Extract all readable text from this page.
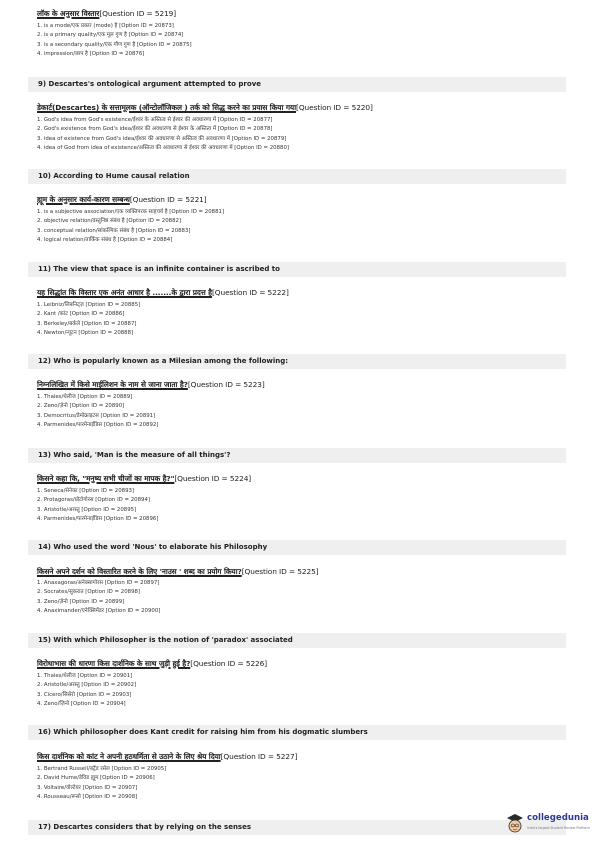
लॉक के अनुसार विस्तार[Question ID = 5219]
1. is a mode/एक प्रकार (mode) है [Option ID = 20873]
2. is a primary quality/एक मूल गुण है [Option ID = 20874]
3. is a secondary quality/एक गौण गुण है [Option ID = 20875]
4. impression/छाप है [Option ID = 20876]
9) Descartes's ontological argument attempted to prove
डेकार्ट(Descartes) के सत्तामूलक (ऑन्टोलॉजिकल ) तर्क को सिद्ध करने का प्रयास किया गया[Question ID = 5220]
1. God's idea from God's existence/ईश्वर के अस्तित्व से ईश्वर की अवधारणा में [Option ID = 20877]
2. God's existence from God's idea/ईश्वर की अवधारणा से ईश्वर के अस्तित्व में [Option ID = 20878]
3. idea of existence from God's idea/ईश्वर की अवधारणा से अस्तित्व की अवधारणा में [Option ID = 20879]
4. idea of God from idea of existence/अस्तित्व की अवधारणा से ईश्वर की अवधारणा में [Option ID = 20880]
10) According to Hume causal relation
ह्यूम के अनुसार कार्य-कारण सम्बन्ध[Question ID = 5221]
1. is a subjective association/एक व्यक्तिपरक साहचर्य है [Option ID = 20881]
2. objective relation/वस्तुनिष्ठ संबंध है [Option ID = 20882]
3. conceptual relation/सांकल्पिक संबंध है [Option ID = 20883]
4. logical relation/तार्किक संबंध है [Option ID = 20884]
11) The view that space is an infinite container is ascribed to
यह सिद्धांत कि विस्तार एक अनंत आधार है .......के द्वारा प्रदत्त है[Question ID = 5222]
1. Leibniz/लिबनिट्ज़ [Option ID = 20885]
2. Kant /कांट [Option ID = 20886]
3. Berkeley/बर्कले [Option ID = 20887]
4. Newton/न्यूटन [Option ID = 20888]
12) Who is popularly known as a Milesian among the following:
निम्नलिखित में किसे माईलिशन के नाम से जाना जाता है?[Question ID = 5223]
1. Thales/थेलीज [Option ID = 20889]
2. Zeno/ज़ेनो [Option ID = 20890]
3. Democritus/डेमोक्राइटस [Option ID = 20891]
4. Parmenides/पारमेनाईडिस [Option ID = 20892]
13) Who said, 'Man is the measure of all things'?
किसने कहा कि, "मनुष्य सभी चीजों का मापक है?"[Question ID = 5224]
1. Seneca/सेनेका [Option ID = 20893]
2. Protagoras/प्रोटोगोरस [Option ID = 20894]
3. Aristotle/अरस्तु [Option ID = 20895]
4. Parmenides/पारमेनाईडिस [Option ID = 20896]
14) Who used the word 'Nous' to elaborate his Philosophy
किसने अपने दर्शन को विस्तारित करने के लिए 'नाउस ' शब्द का प्रयोग किया?[Question ID = 5225]
1. Anaxagoras/अनेक्सागोरस [Option ID = 20897]
2. Socrates/सुकरात [Option ID = 20898]
3. Zeno/ज़ेनो [Option ID = 20899]
4. Anaximander/एनेक्सिमेंडर [Option ID = 20900]
15) With which Philosopher is the notion of 'paradox' associated
विरोधाभास की धारणा किस दार्शनिक के साथ जुड़ी हुई है?[Question ID = 5226]
1. Thales/थेलीज [Option ID = 20901]
2. Aristotle/अरस्तु [Option ID = 20902]
3. Cicero/सिसेरो [Option ID = 20903]
4. Zeno/ज़िनो [Option ID = 20904]
16) Which philosopher does Kant credit for raising him from his dogmatic slumbers
किस दार्शनिक को कांट ने अपनी हठधर्मिता से उठाने के लिए श्रेय दिया[Question ID = 5227]
1. Bertrand Russell/बट्रैंड रसेल [Option ID = 20905]
2. David Hume/डेविड ह्यूम [Option ID = 20906]
3. Voltaire/वोल्टेयर [Option ID = 20907]
4. Rousseau/रूसो [Option ID = 20908]
17) Descartes considers that by relying on the senses
collegedunia
India's largest Student Review Platform
